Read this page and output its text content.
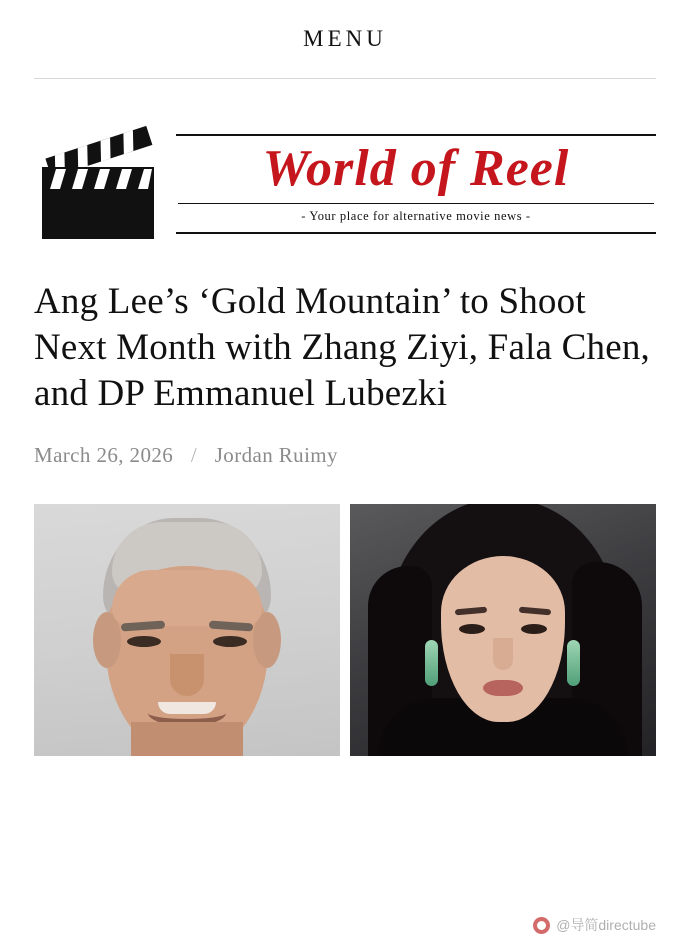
MENU
World of Reel
- Your place for alternative movie news -
Ang Lee’s ‘Gold Mountain’ to Shoot Next Month with Zhang Ziyi, Fala Chen, and DP Emmanuel Lubezki
March 26, 2026 / Jordan Ruimy
@导简directube
